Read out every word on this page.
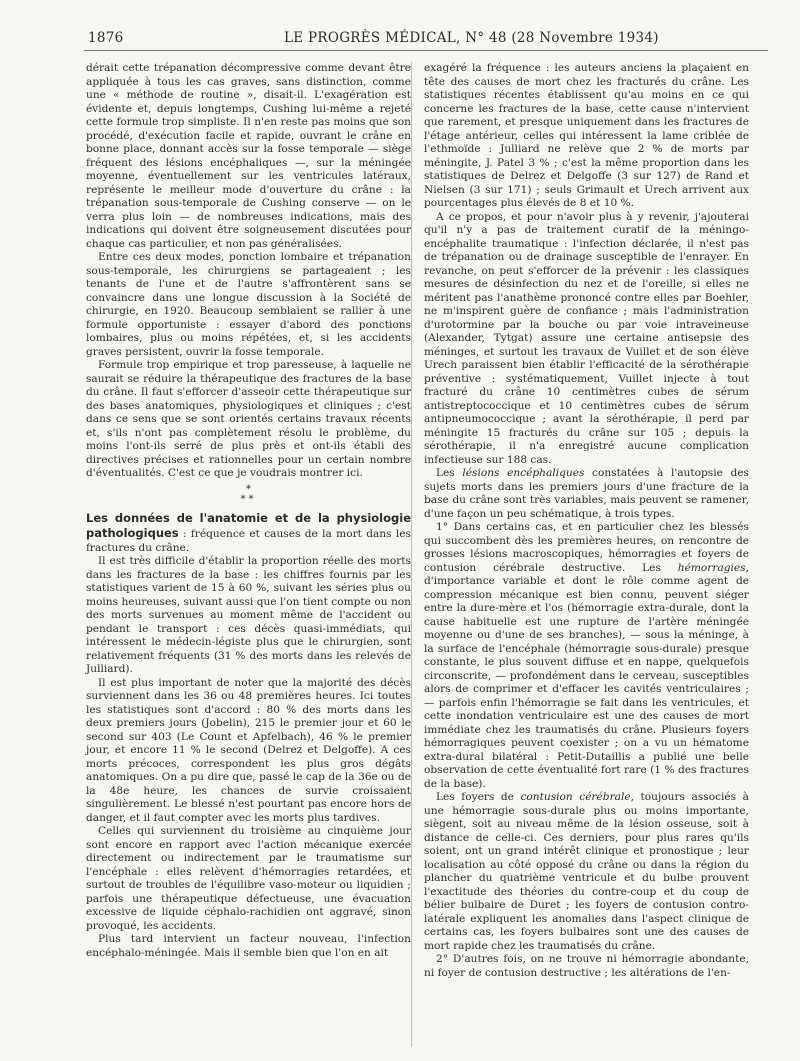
1876	LE PROGRÈS MÉDICAL, N° 48 (28 Novembre 1934)

dérait cette trépanation décompressive comme devant être appliquée à tous les cas graves, sans distinction, comme une « méthode de routine », disait-il. L'exagération est évidente et, depuis longtemps, Cushing lui-même a rejeté cette formule trop simpliste. Il n'en reste pas moins que son procédé, d'exécution facile et rapide, ouvrant le crâne en bonne place, donnant accès sur la fosse temporale — siège fréquent des lésions encéphaliques —, sur la méningée moyenne, éventuellement sur les ventricules latéraux, représente le meilleur mode d'ouverture du crâne : la trépanation sous-temporale de Cushing conserve — on le verra plus loin — de nombreuses indications, mais des indications qui doivent être soigneusement discutées pour chaque cas particulier, et non pas généralisées.

Entre ces deux modes, ponction lombaire et trépanation sous-temporale, les chirurgiens se partageaient ; les tenants de l'une et de l'autre s'affrontèrent sans se convaincre dans une longue discussion à la Société de chirurgie, en 1920. Beaucoup semblaient se rallier à une formule opportuniste : essayer d'abord des ponctions lombaires, plus ou moins répétées, et, si les accidents graves persistent, ouvrir la fosse temporale.

Formule trop empirique et trop paresseuse, à laquelle ne saurait se réduire la thérapeutique des fractures de la base du crâne. Il faut s'efforcer d'asseoir cette thérapeutique sur des bases anatomiques, physiologiques et cliniques ; c'est dans ce sens que se sont orientés certains travaux récents et, s'ils n'ont pas complètement résolu le problème, du moins l'ont-ils serré de plus près et ont-ils établi des directives précises et rationnelles pour un certain nombre d'éventualités. C'est ce que je voudrais montrer ici.

*
**

Les données de l'anatomie et de la physiologie pathologiques : fréquence et causes de la mort dans les fractures du crâne.

Il est très difficile d'établir la proportion réelle des morts dans les fractures de la base : les chiffres fournis par les statistiques varient de 15 à 60 %, suivant les séries plus ou moins heureuses, suivant aussi que l'on tient compte ou non des morts survenues au moment même de l'accident ou pendant le transport : ces décès quasi-immédiats, qui intéressent le médecin-légiste plus que le chirurgien, sont relativement fréquents (31 % des morts dans les relevés de Julliard).

Il est plus important de noter que la majorité des décès surviennent dans les 36 ou 48 premières heures. Ici toutes les statistiques sont d'accord : 80 % des morts dans les deux premiers jours (Jobelin), 215 le premier jour et 60 le second sur 403 (Le Count et Apfelbach), 46 % le premier jour, et encore 11 % le second (Delrez et Delgoffe). A ces morts précoces, correspondent les plus gros dégâts anatomiques. On a pu dire que, passé le cap de la 36e ou de la 48e heure, les chances de survie croissaient singulièrement. Le blessé n'est pourtant pas encore hors de danger, et il faut compter avec les morts plus tardives.

Celles qui surviennent du troisième au cinquième jour sont encore en rapport avec l'action mécanique exercée directement ou indirectement par le traumatisme sur l'encéphale : elles relèvent d'hémorragies retardées, et surtout de troubles de l'équilibre vaso-moteur ou liquidien ; parfois une thérapeutique défectueuse, une évacuation excessive de liquide céphalo-rachidien ont aggravé, sinon provoqué, les accidents.

Plus tard intervient un facteur nouveau, l'infection encéphalo-méningée. Mais il semble bien que l'on en ait

exagéré la fréquence : les auteurs anciens la plaçaient en tête des causes de mort chez les fracturés du crâne. Les statistiques récentes établissent qu'au moins en ce qui concerne les fractures de la base, cette cause n'intervient que rarement, et presque uniquement dans les fractures de l'étage antérieur, celles qui intéressent la lame criblée de l'ethmoïde : Julliard ne relève que 2 % de morts par méningite, J. Patel 3 % ; c'est la même proportion dans les statistiques de Delrez et Delgoffe (3 sur 127) de Rand et Nielsen (3 sur 171) ; seuls Grimault et Urech arrivent aux pourcentages plus élevés de 8 et 10 %.

A ce propos, et pour n'avoir plus à y revenir, j'ajouterai qu'il n'y a pas de traitement curatif de la méningo-encéphalite traumatique : l'infection déclarée, il n'est pas de trépanation ou de drainage susceptible de l'enrayer. En revanche, on peut s'efforcer de la prévenir : les classiques mesures de désinfection du nez et de l'oreille, si elles ne méritent pas l'anathème prononcé contre elles par Boehler, ne m'inspirent guère de confiance ; mais l'administration d'urotormine par la bouche ou par voie intraveineuse (Alexander, Tytgat) assure une certaine antisepsie des méninges, et surtout les travaux de Vuillet et de son élève Urech paraissent bien établir l'efficacité de la sérothérapie préventive : systématiquement, Vuillet injecte à tout fracturé du crâne 10 centimètres cubes de sérum antistreptococcique et 10 centimètres cubes de sérum antipneumococcique ; avant la sérothérapie, il perd par méningite 15 fracturés du crâne sur 105 ; depuis la sérothérapie, il n'a enregistré aucune complication infectieuse sur 188 cas.

Les lésions encéphaliques constatées à l'autopsie des sujets morts dans les premiers jours d'une fracture de la base du crâne sont très variables, mais peuvent se ramener, d'une façon un peu schématique, à trois types.

1° Dans certains cas, et en particulier chez les blessés qui succombent dès les premières heures, on rencontre de grosses lésions macroscopiques, hémorragies et foyers de contusion cérébrale destructive. Les hémorragies, d'importance variable et dont le rôle comme agent de compression mécanique est bien connu, peuvent siéger entre la dure-mère et l'os (hémorragie extra-durale, dont la cause habituelle est une rupture de l'artère méningée moyenne ou d'une de ses branches), — sous la méninge, à la surface de l'encéphale (hémorragie sous-durale) presque constante, le plus souvent diffuse et en nappe, quelquefois circonscrite, — profondément dans le cerveau, susceptibles alors de comprimer et d'effacer les cavités ventriculaires ; — parfois enfin l'hémorragie se fait dans les ventricules, et cette inondation ventriculaire est une des causes de mort immédiate chez les traumatisés du crâne. Plusieurs foyers hémorragiques peuvent coexister ; on a vu un hématome extra-dural bilatéral : Petit-Dutaillis a publié une belle observation de cette éventualité fort rare (1 % des fractures de la base).

Les foyers de contusion cérébrale, toujours associés à une hémorragie sous-durale plus ou moins importante, siègent, soit au niveau même de la lésion osseuse, soit à distance de celle-ci. Ces derniers, pour plus rares qu'ils soient, ont un grand intérêt clinique et pronostique ; leur localisation au côté opposé du crâne ou dans la région du plancher du quatrième ventricule et du bulbe prouvent l'exactitude des théories du contre-coup et du coup de bélier bulbaire de Duret ; les foyers de contusion contro-latérale expliquent les anomalies dans l'aspect clinique de certains cas, les foyers bulbaires sont une des causes de mort rapide chez les traumatisés du crâne.

2° D'autres fois, on ne trouve ni hémorragie abondante, ni foyer de contusion destructive ; les altérations de l'en-
